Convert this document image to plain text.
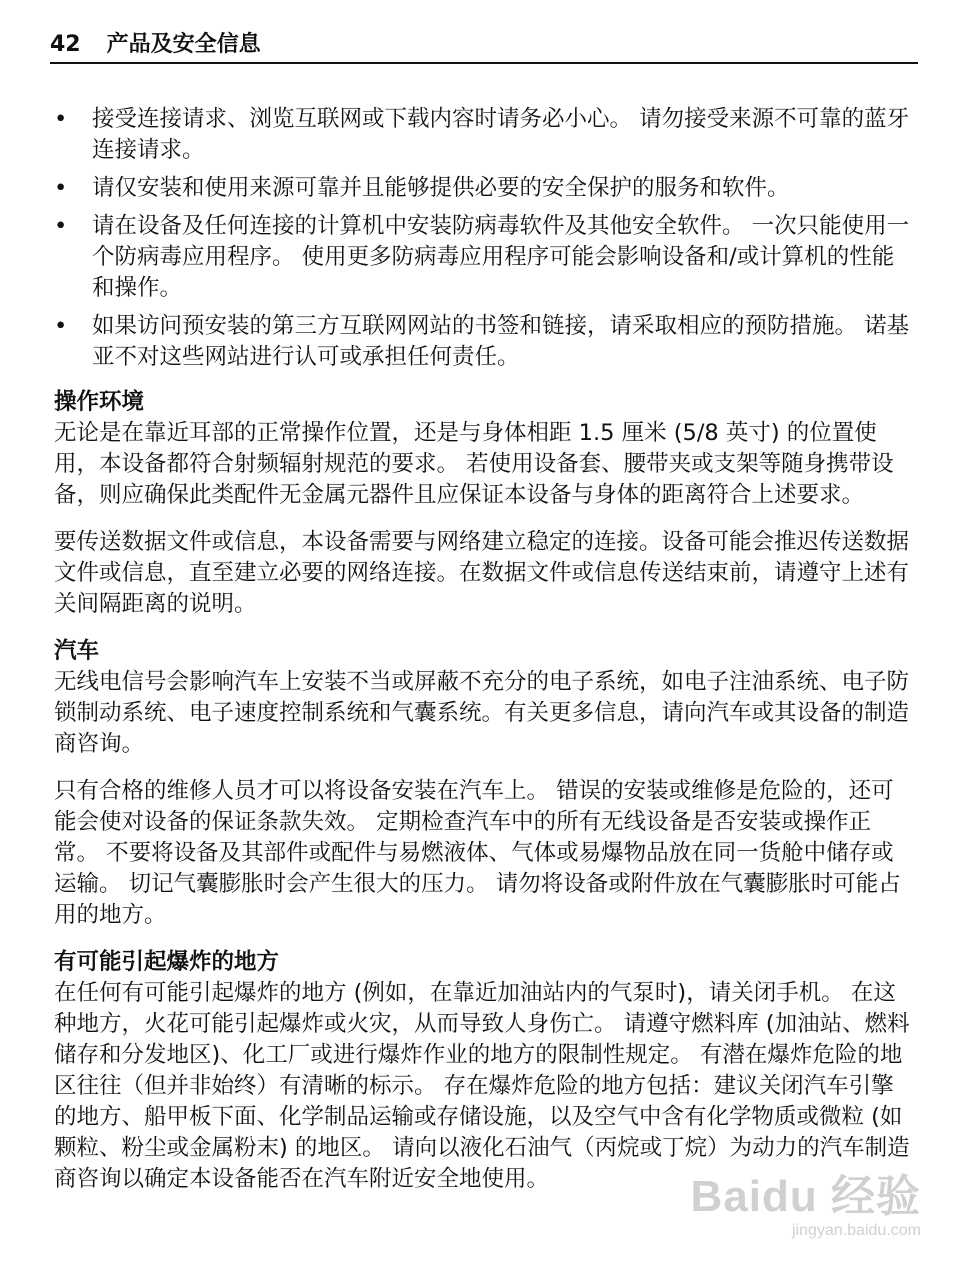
42 产品及安全信息
• 接受连接请求、浏览互联网或下载内容时请务必小心。 请勿接受来源不可靠的蓝牙连接请求。
• 请仅安装和使用来源可靠并且能够提供必要的安全保护的服务和软件。
• 请在设备及任何连接的计算机中安装防病毒软件及其他安全软件。 一次只能使用一个防病毒应用程序。 使用更多防病毒应用程序可能会影响设备和/或计算机的性能和操作。
• 如果访问预安装的第三方互联网网站的书签和链接，请采取相应的预防措施。 诺基亚不对这些网站进行认可或承担任何责任。
操作环境

无论是在靠近耳部的正常操作位置，还是与身体相距 1.5 厘米 (5/8 英寸) 的位置使用，本设备都符合射频辐射规范的要求。 若使用设备套、腰带夹或支架等随身携带设备，则应确保此类配件无金属元器件且应保证本设备与身体的距离符合上述要求。

要传送数据文件或信息，本设备需要与网络建立稳定的连接。设备可能会推迟传送数据文件或信息，直至建立必要的网络连接。在数据文件或信息传送结束前，请遵守上述有关间隔距离的说明。

汽车

无线电信号会影响汽车上安装不当或屏蔽不充分的电子系统，如电子注油系统、电子防锁制动系统、电子速度控制系统和气囊系统。有关更多信息，请向汽车或其设备的制造商咨询。

只有合格的维修人员才可以将设备安装在汽车上。 错误的安装或维修是危险的，还可能会使对设备的保证条款失效。 定期检查汽车中的所有无线设备是否安装或操作正常。 不要将设备及其部件或配件与易燃液体、气体或易爆物品放在同一货舱中储存或运输。 切记气囊膨胀时会产生很大的压力。 请勿将设备或附件放在气囊膨胀时可能占用的地方。

有可能引起爆炸的地方

在任何有可能引起爆炸的地方 (例如，在靠近加油站内的气泵时)，请关闭手机。 在这种地方，火花可能引起爆炸或火灾，从而导致人身伤亡。 请遵守燃料库 (加油站、燃料储存和分发地区)、化工厂或进行爆炸作业的地方的限制性规定。 有潜在爆炸危险的地区往往（但并非始终）有清晰的标示。 存在爆炸危险的地方包括：建议关闭汽车引擎的地方、船甲板下面、化学制品运输或存储设施，以及空气中含有化学物质或微粒 (如颗粒、粉尘或金属粉末) 的地区。 请向以液化石油气（丙烷或丁烷）为动力的汽车制造商咨询以确定本设备能否在汽车附近安全地使用。	Baidu 经验
jingyan.baidu.com
